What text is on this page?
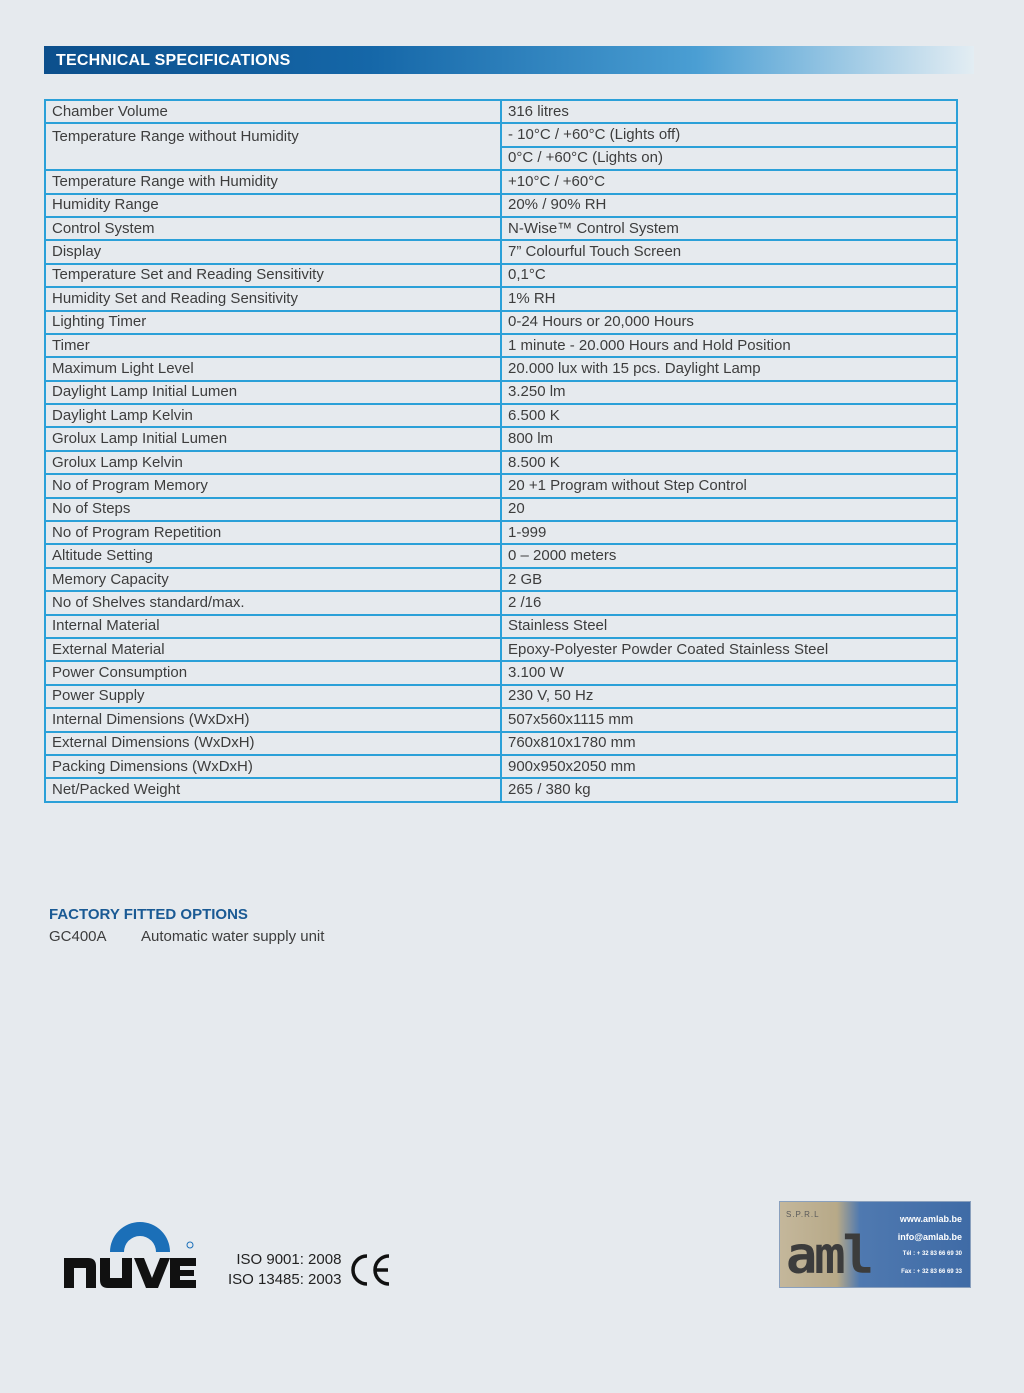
TECHNICAL SPECIFICATIONS
Chamber Volume	316 litres
Temperature Range without Humidity	- 10°C / +60°C (Lights off)
	0°C / +60°C (Lights on)
Temperature Range with Humidity	+10°C / +60°C
Humidity Range	20% / 90% RH
Control System	N-Wise™ Control System
Display	7” Colourful Touch Screen
Temperature Set and Reading Sensitivity	0,1°C
Humidity Set and Reading Sensitivity	1% RH
Lighting Timer	0-24 Hours or 20,000 Hours
Timer	1 minute - 20.000 Hours and Hold Position
Maximum Light Level	20.000 lux with 15 pcs. Daylight Lamp
Daylight Lamp Initial Lumen	3.250 lm
Daylight Lamp Kelvin	6.500 K
Grolux Lamp Initial Lumen	800 lm
Grolux Lamp Kelvin	8.500 K
No of Program Memory	20 +1 Program without Step Control
No of Steps	20
No of Program Repetition	1-999
Altitude Setting	0 – 2000 meters
Memory Capacity	2 GB
No of Shelves standard/max.	2 /16
Internal Material	Stainless Steel
External Material	Epoxy-Polyester Powder Coated Stainless Steel
Power Consumption	3.100 W
Power Supply	230 V, 50 Hz
Internal Dimensions (WxDxH)	507x560x1115 mm
External Dimensions (WxDxH)	760x810x1780 mm
Packing Dimensions (WxDxH)	900x950x2050 mm
Net/Packed Weight	265 / 380 kg
FACTORY FITTED OPTIONS
GC400A Automatic water supply unit
ISO 9001: 2008
ISO 13485: 2003
S.P.R.L
aml
www.amlab.be
info@amlab.be
Tél : + 32 83 66 69 30
Fax : + 32 83 66 69 33
